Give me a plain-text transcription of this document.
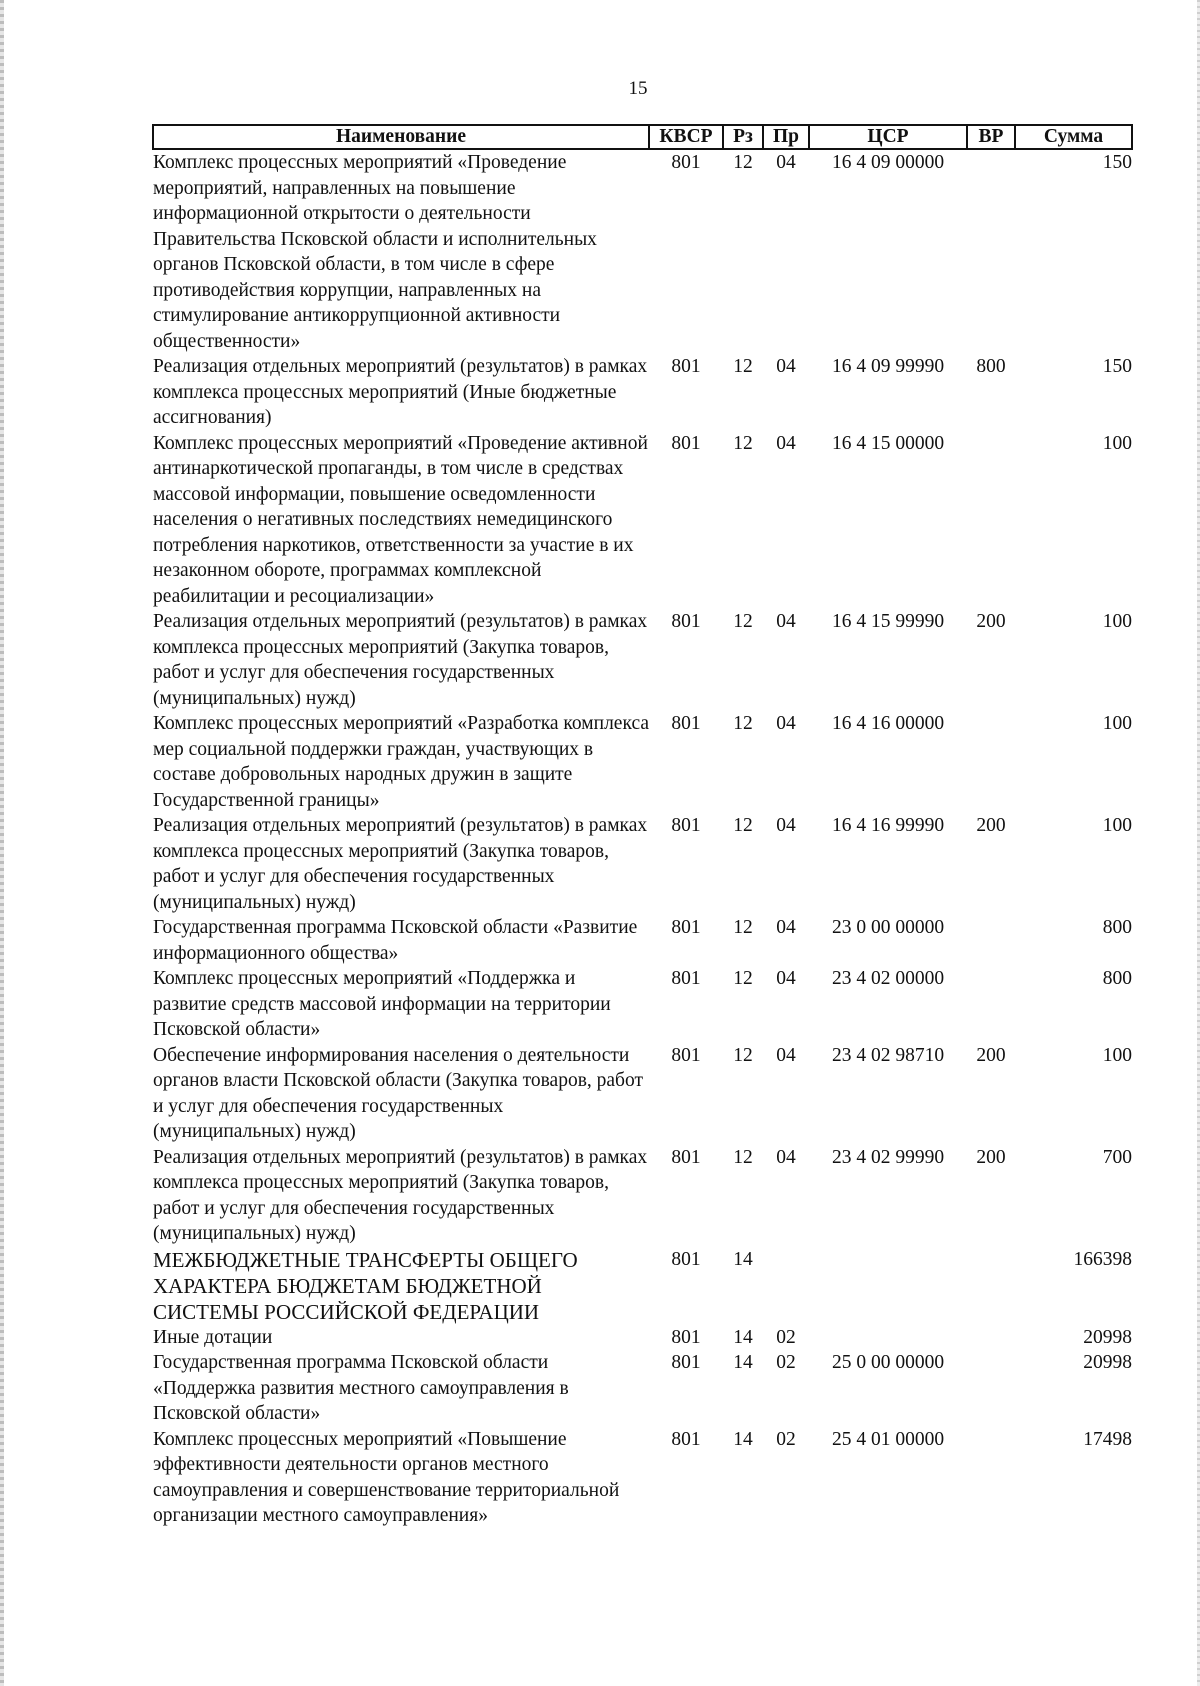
15
Наименование	КВСР	Рз	Пр	ЦСР	ВР	Сумма
Комплекс процессных мероприятий «Проведение мероприятий, направленных на повышение информационной открытости о деятельности Правительства Псковской области и исполнительных органов Псковской области, в том числе в сфере противодействия коррупции, направленных на стимулирование антикоррупционной активности общественности»	801	12	04	16 4 09 00000		150
Реализация отдельных мероприятий (результатов) в рамках комплекса процессных мероприятий (Иные бюджетные ассигнования)	801	12	04	16 4 09 99990	800	150
Комплекс процессных мероприятий «Проведение активной антинаркотической пропаганды, в том числе в средствах массовой информации, повышение осведомленности населения о негативных последствиях немедицинского потребления наркотиков, ответственности за участие в их незаконном обороте, программах комплексной реабилитации и ресоциализации»	801	12	04	16 4 15 00000		100
Реализация отдельных мероприятий (результатов) в рамках комплекса процессных мероприятий (Закупка товаров, работ и услуг для обеспечения государственных (муниципальных) нужд)	801	12	04	16 4 15 99990	200	100
Комплекс процессных мероприятий «Разработка комплекса мер социальной поддержки граждан, участвующих в составе добровольных народных дружин в защите Государственной границы»	801	12	04	16 4 16 00000		100
Реализация отдельных мероприятий (результатов) в рамках комплекса процессных мероприятий (Закупка товаров, работ и услуг для обеспечения государственных (муниципальных) нужд)	801	12	04	16 4 16 99990	200	100
Государственная программа Псковской области «Развитие информационного общества»	801	12	04	23 0 00 00000		800
Комплекс процессных мероприятий «Поддержка и развитие средств массовой информации на территории Псковской области»	801	12	04	23 4 02 00000		800
Обеспечение информирования населения о деятельности органов власти Псковской области (Закупка товаров, работ и услуг для обеспечения государственных (муниципальных) нужд)	801	12	04	23 4 02 98710	200	100
Реализация отдельных мероприятий (результатов) в рамках комплекса процессных мероприятий (Закупка товаров, работ и услуг для обеспечения государственных (муниципальных) нужд)	801	12	04	23 4 02 99990	200	700
МЕЖБЮДЖЕТНЫЕ ТРАНСФЕРТЫ ОБЩЕГО ХАРАКТЕРА БЮДЖЕТАМ БЮДЖЕТНОЙ СИСТЕМЫ РОССИЙСКОЙ ФЕДЕРАЦИИ	801	14				166398
Иные дотации	801	14	02			20998
Государственная программа Псковской области «Поддержка развития местного самоуправления в Псковской области»	801	14	02	25 0 00 00000		20998
Комплекс процессных мероприятий «Повышение эффективности деятельности органов местного самоуправления и совершенствование территориальной организации местного самоуправления»	801	14	02	25 4 01 00000		17498
